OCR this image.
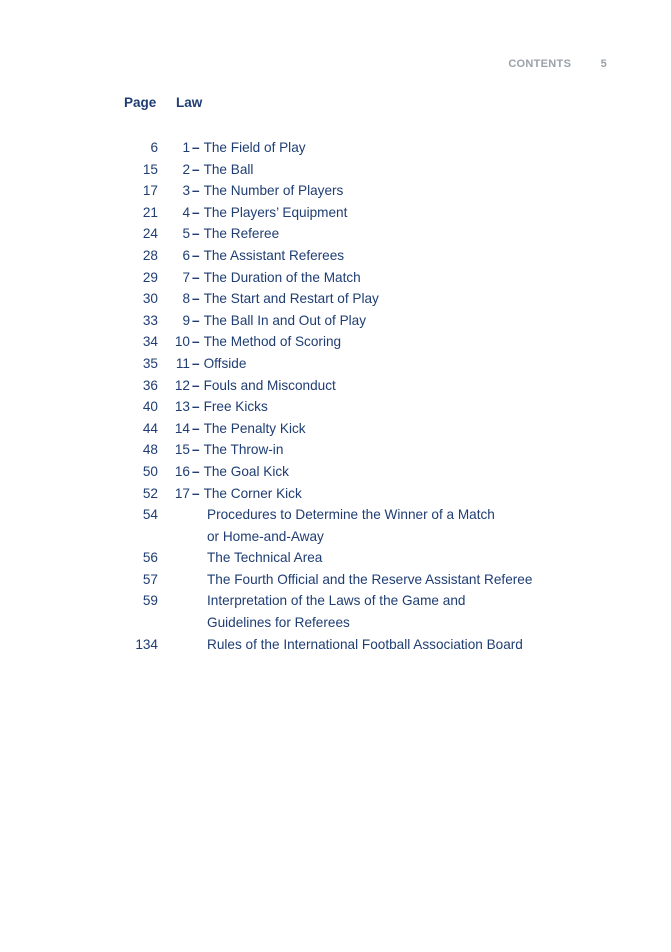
CONTENTS	5
Page Law
6	1 – The Field of Play
15	2 – The Ball
17	3 – The Number of Players
21	4 – The Players’ Equipment
24	5 – The Referee
28	6 – The Assistant Referees
29	7 – The Duration of the Match
30	8 – The Start and Restart of Play
33	9 – The Ball In and Out of Play
34	10 – The Method of Scoring
35	11 – Offside
36	12 – Fouls and Misconduct
40	13 – Free Kicks
44	14 – The Penalty Kick
48	15 – The Throw-in
50	16 – The Goal Kick
52	17 – The Corner Kick
54	Procedures to Determine the Winner of a Match
or Home-and-Away
56	The Technical Area
57	The Fourth Official and the Reserve Assistant Referee
59	Interpretation of the Laws of the Game and
Guidelines for Referees
134	Rules of the International Football Association Board
